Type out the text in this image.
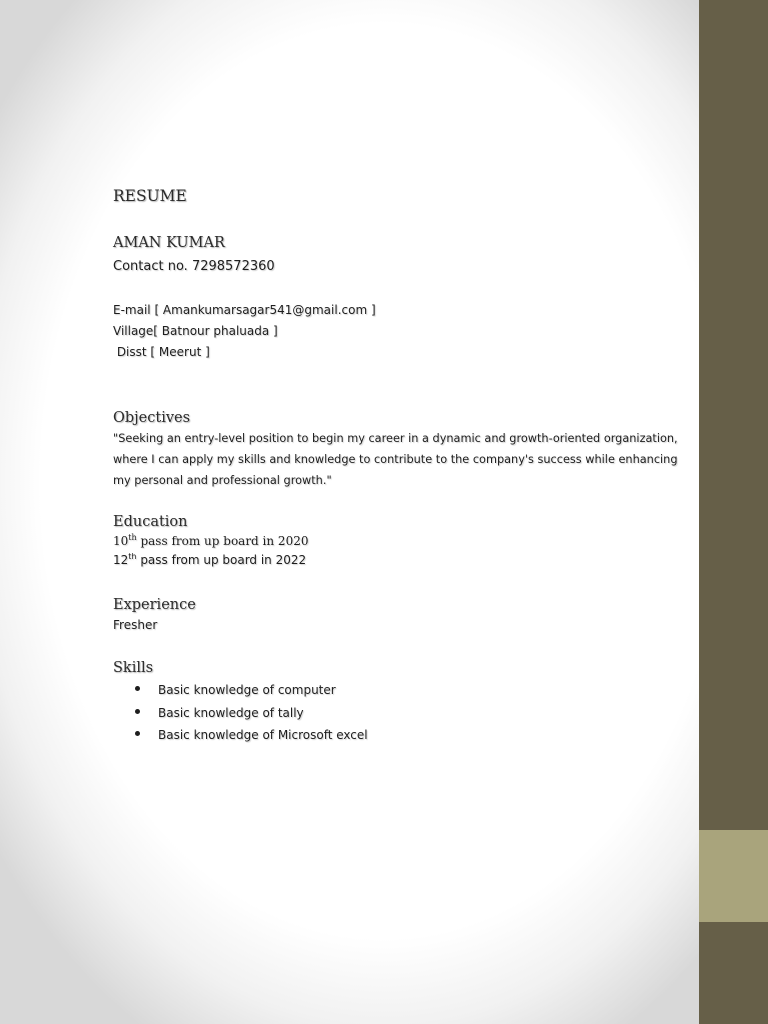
RESUME
AMAN KUMAR
Contact no. 7298572360
E-mail [ Amankumarsagar541@gmail.com ]
Village[ Batnour phaluada ]
Disst [ Meerut ]
Objectives
"Seeking an entry-level position to begin my career in a dynamic and growth-oriented organization, where I can apply my skills and knowledge to contribute to the company's success while enhancing my personal and professional growth."
Education
10th pass from up board in 2020
12th pass from up board in 2022
Experience
Fresher
Skills
Basic knowledge of computer
Basic knowledge of tally
Basic knowledge of Microsoft excel
